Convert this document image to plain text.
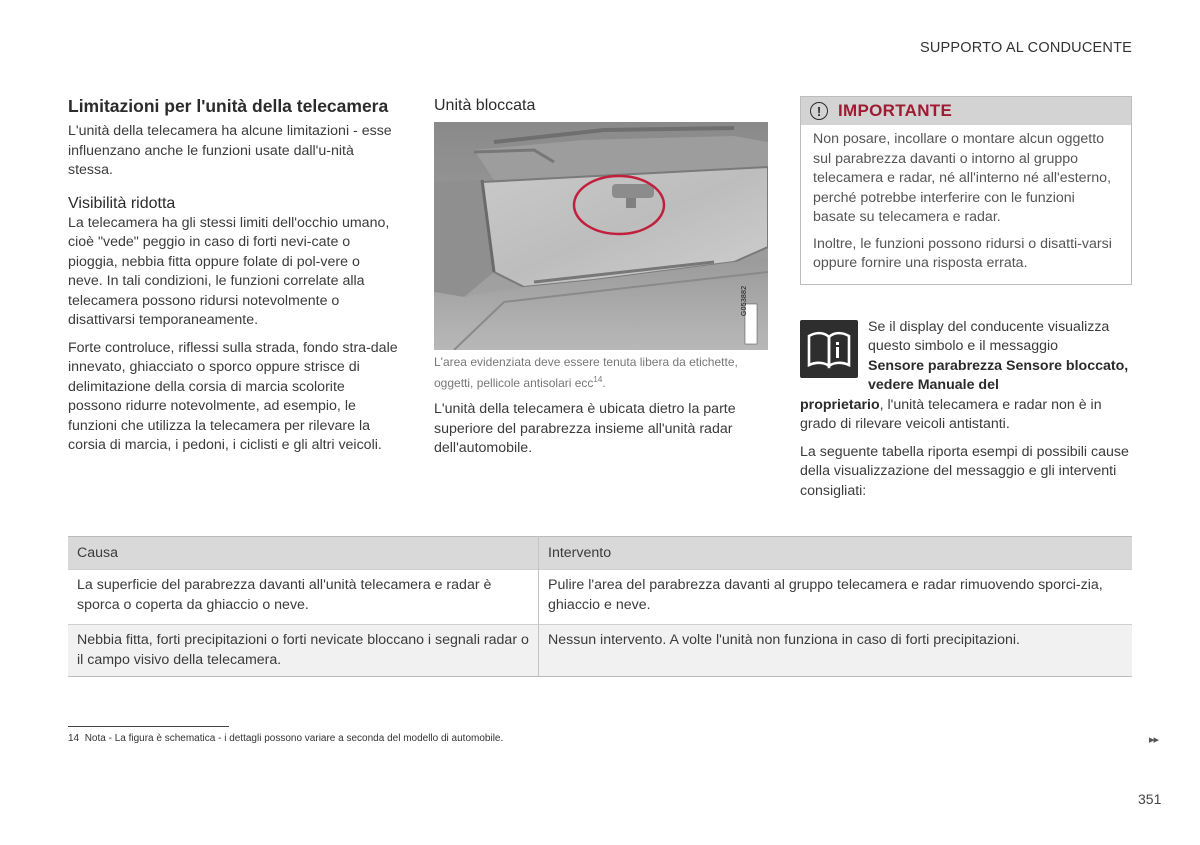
SUPPORTO AL CONDUCENTE
Limitazioni per l'unità della telecamera

L'unità della telecamera ha alcune limitazioni - esse influenzano anche le funzioni usate dall'u-nità stessa.

Visibilità ridotta

La telecamera ha gli stessi limiti dell'occhio umano, cioè "vede" peggio in caso di forti nevi-cate o pioggia, nebbia fitta oppure folate di pol-vere o neve. In tali condizioni, le funzioni correlate alla telecamera possono ridursi notevolmente o disattivarsi temporaneamente.

Forte controluce, riflessi sulla strada, fondo stra-dale innevato, ghiacciato o sporco oppure strisce di delimitazione della corsia di marcia scolorite possono ridurre notevolmente, ad esempio, le funzioni che utilizza la telecamera per rilevare la corsia di marcia, i pedoni, i ciclisti e gli altri veicoli.

Unità bloccata
G053882
L'area evidenziata deve essere tenuta libera da etichette, oggetti, pellicole antisolari ecc$^{14}$.

L'unità della telecamera è ubicata dietro la parte superiore del parabrezza insieme all'unità radar dell'automobile.

! IMPORTANTE

Non posare, incollare o montare alcun oggetto sul parabrezza davanti o intorno al gruppo telecamera e radar, né all'interno né all'esterno, perché potrebbe interferire con le funzioni basate su telecamera e radar.

Inoltre, le funzioni possono ridursi o disatti-varsi oppure fornire una risposta errata.

Se il display del conducente visualizza questo simbolo e il messaggio

Sensore parabrezza Sensore bloccato, vedere Manuale del

proprietario, l'unità telecamera e radar non è in grado di rilevare veicoli antistanti.

La seguente tabella riporta esempi di possibili cause della visualizzazione del messaggio e gli interventi consigliati:

Causa	Intervento
La superficie del parabrezza davanti all'unità telecamera e radar è sporca o coperta da ghiaccio o neve.	Pulire l'area del parabrezza davanti al gruppo telecamera e radar rimuovendo sporci-zia, ghiaccio e neve.
Nebbia fitta, forti precipitazioni o forti nevicate bloccano i segnali radar o il campo visivo della telecamera.	Nessun intervento. A volte l'unità non funziona in caso di forti precipitazioni.
14 Nota - La figura è schematica - i dettagli possono variare a seconda del modello di automobile.	▸▸
351
